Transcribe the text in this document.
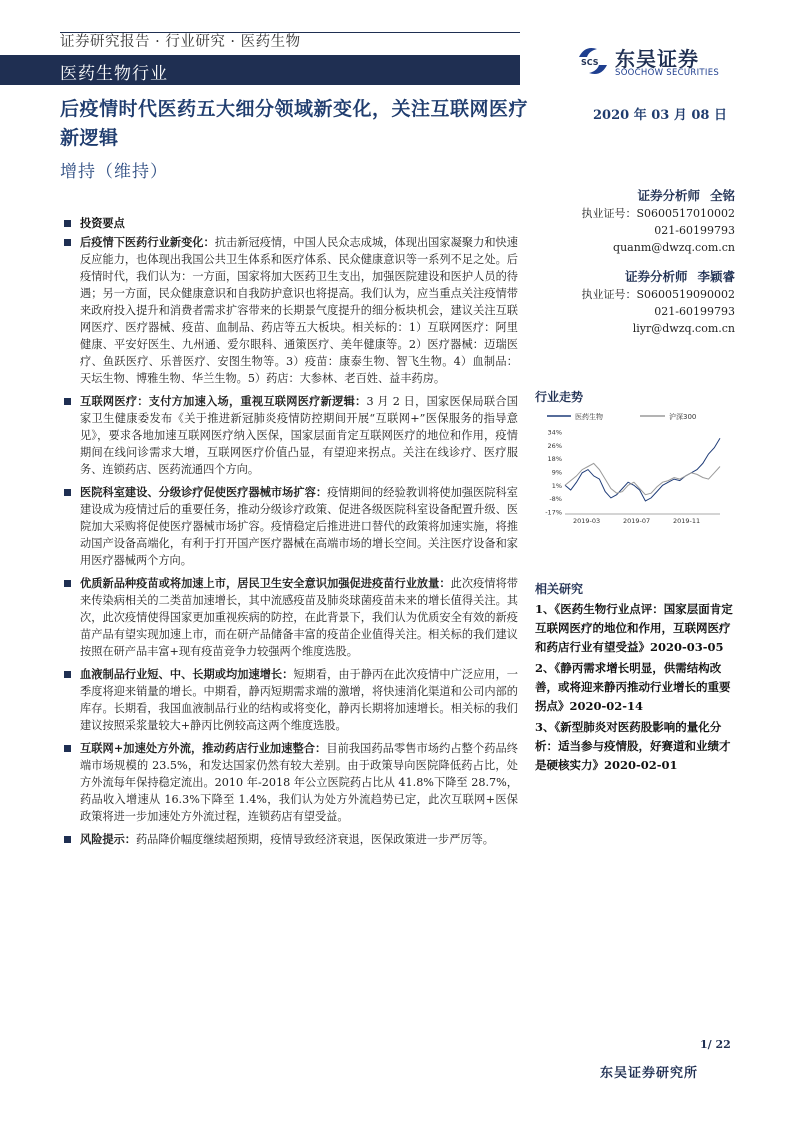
证券研究报告 · 行业研究 · 医药生物
医药生物行业
SCS 东吴证券
SOOCHOW SECURITIES
后疫情时代医药五大细分领域新变化，关注互联网医疗新逻辑
2020 年 03 月 08 日
增持（维持）
投资要点
后疫情下医药行业新变化：抗击新冠疫情，中国人民众志成城，体现出国家凝聚力和快速反应能力，也体现出我国公共卫生体系和医疗体系、民众健康意识等一系列不足之处。后疫情时代，我们认为：一方面，国家将加大医药卫生支出，加强医院建设和医护人员的待遇；另一方面，民众健康意识和自我防护意识也将提高。我们认为，应当重点关注疫情带来政府投入提升和消费者需求扩容带来的长期景气度提升的细分板块机会，建议关注互联网医疗、医疗器械、疫苗、血制品、药店等五大板块。相关标的：1）互联网医疗：阿里健康、平安好医生、九州通、爱尔眼科、通策医疗、美年健康等。2）医疗器械：迈瑞医疗、鱼跃医疗、乐普医疗、安图生物等。3）疫苗：康泰生物、智飞生物。4）血制品：天坛生物、博雅生物、华兰生物。5）药店：大参林、老百姓、益丰药房。
互联网医疗：支付方加速入场，重视互联网医疗新逻辑：3 月 2 日，国家医保局联合国家卫生健康委发布《关于推进新冠肺炎疫情防控期间开展“互联网+”医保服务的指导意见》，要求各地加速互联网医疗纳入医保，国家层面肯定互联网医疗的地位和作用，疫情期间在线问诊需求大增，互联网医疗价值凸显，有望迎来拐点。关注在线诊疗、医疗服务、连锁药店、医药流通四个方向。
医院科室建设、分级诊疗促使医疗器械市场扩容：疫情期间的经验教训将使加强医院科室建设成为疫情过后的重要任务，推动分级诊疗政策、促进各级医院科室设备配置升级、医院加大采购将促使医疗器械市场扩容。疫情稳定后推进进口替代的政策将加速实施，将推动国产设备高端化，有利于打开国产医疗器械在高端市场的增长空间。关注医疗设备和家用医疗器械两个方向。
优质新品种疫苗或将加速上市，居民卫生安全意识加强促进疫苗行业放量：此次疫情将带来传染病相关的二类苗加速增长，其中流感疫苗及肺炎球菌疫苗未来的增长值得关注。其次，此次疫情使得国家更加重视疾病的防控，在此背景下，我们认为优质安全有效的新疫苗产品有望实现加速上市，而在研产品储备丰富的疫苗企业值得关注。相关标的我们建议按照在研产品丰富+现有疫苗竞争力较强两个维度选股。
血液制品行业短、中、长期或均加速增长：短期看，由于静丙在此次疫情中广泛应用，一季度将迎来销量的增长。中期看，静丙短期需求端的激增，将快速消化渠道和公司内部的库存。长期看，我国血液制品行业的结构或将变化，静丙长期将加速增长。相关标的我们建议按照采浆量较大+静丙比例较高这两个维度选股。
互联网+加速处方外流，推动药店行业加速整合：目前我国药品零售市场约占整个药品终端市场规模的 23.5%，和发达国家仍然有较大差别。由于政策导向医院降低药占比，处方外流每年保持稳定流出。2010 年-2018 年公立医院药占比从 41.8%下降至 28.7%，药品收入增速从 16.3%下降至 1.4%，我们认为处方外流趋势已定，此次互联网+医保政策将进一步加速处方外流过程，连锁药店有望受益。
风险提示：药品降价幅度继续超预期，疫情导致经济衰退，医保政策进一步严厉等。
证券分析师 全铭
执业证号：S0600517010002
021-60199793
quanm@dwzq.com.cn
证券分析师 李颖睿
执业证号：S0600519090002
021-60199793
liyr@dwzq.com.cn
行业走势
医药生物	沪深300
34%
26%
18%
9%
1%
-8%
-17%
2019-03	2019-07	2019-11
相关研究
1、《医药生物行业点评：国家层面肯定互联网医疗的地位和作用，互联网医疗和药店行业有望受益》2020-03-05
2、《静丙需求增长明显，供需结构改善，或将迎来静丙推动行业增长的重要拐点》2020-02-14
3、《新型肺炎对医药股影响的量化分析：适当参与疫情股，好赛道和业绩才是硬核实力》2020-02-01
1/ 22
东吴证券研究所
